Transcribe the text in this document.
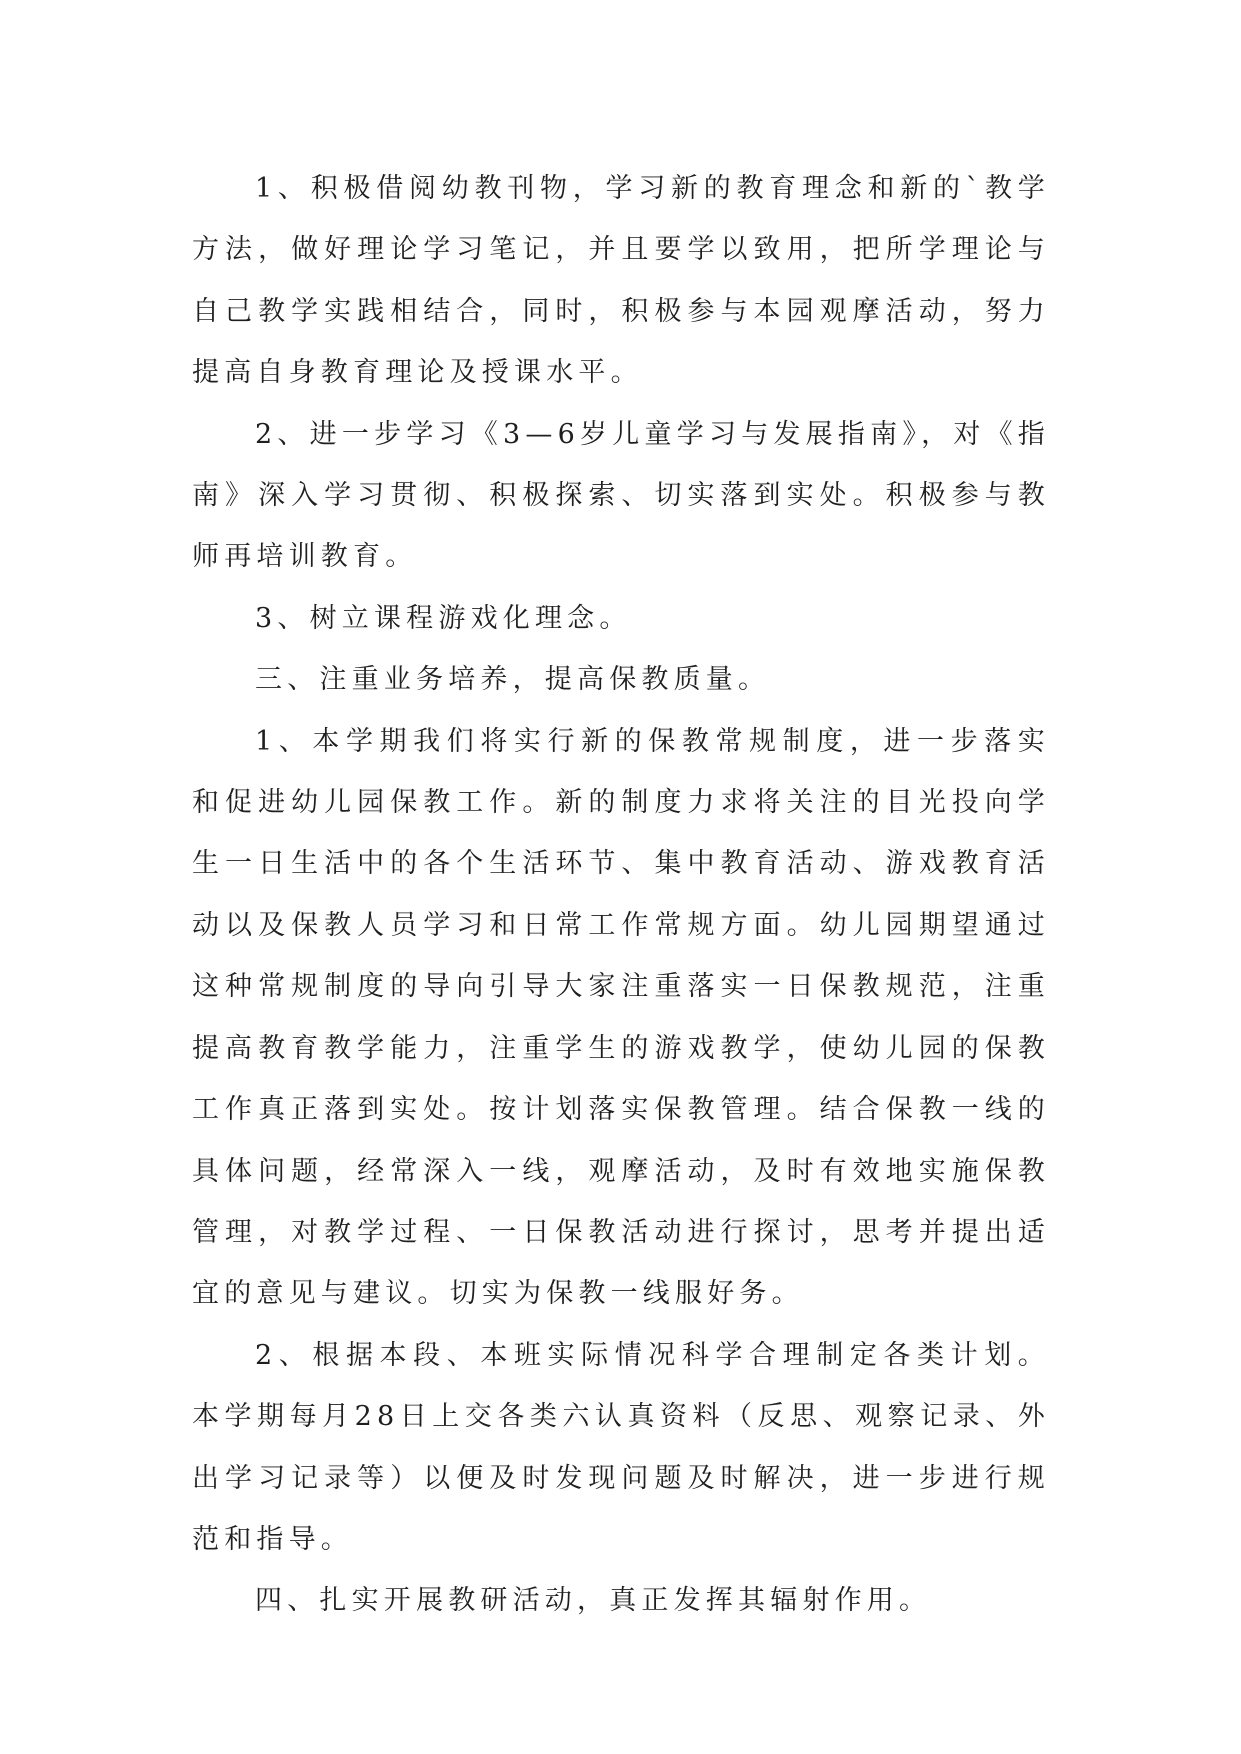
1、积极借阅幼教刊物，学习新的教育理念和新的`教学方法，做好理论学习笔记，并且要学以致用，把所学理论与自己教学实践相结合，同时，积极参与本园观摩活动，努力提高自身教育理论及授课水平。

2、进一步学习《3—6岁儿童学习与发展指南》，对《指南》深入学习贯彻、积极探索、切实落到实处。积极参与教师再培训教育。

3、树立课程游戏化理念。

三、注重业务培养，提高保教质量。

1、本学期我们将实行新的保教常规制度，进一步落实和促进幼儿园保教工作。新的制度力求将关注的目光投向学生一日生活中的各个生活环节、集中教育活动、游戏教育活动以及保教人员学习和日常工作常规方面。幼儿园期望通过这种常规制度的导向引导大家注重落实一日保教规范，注重提高教育教学能力，注重学生的游戏教学，使幼儿园的保教工作真正落到实处。按计划落实保教管理。结合保教一线的具体问题，经常深入一线，观摩活动，及时有效地实施保教管理，对教学过程、一日保教活动进行探讨，思考并提出适宜的意见与建议。切实为保教一线服好务。

2、根据本段、本班实际情况科学合理制定各类计划。本学期每月28日上交各类六认真资料（反思、观察记录、外出学习记录等）以便及时发现问题及时解决，进一步进行规范和指导。

四、扎实开展教研活动，真正发挥其辐射作用。
